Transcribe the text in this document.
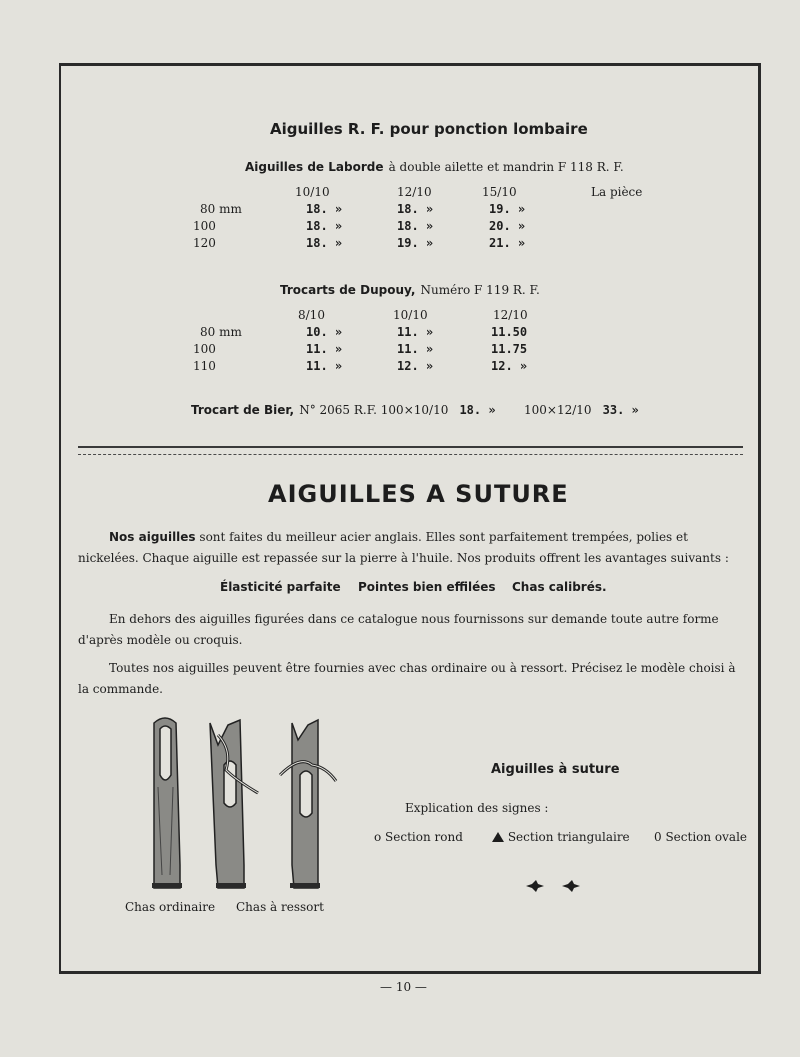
Aiguilles R. F. pour ponction lombaire
Aiguilles de Laborde à double ailette et mandrin F 118 R. F.
10/10	12/10	15/10	La pièce
80 mm	18. »	18. »	19. »
100	18. »	18. »	20. »
120	18. »	19. »	21. »
Trocarts de Dupouy, Numéro F 119 R. F.
8/10	10/10	12/10
80 mm	10. »	11. »	11.50
100	11. »	11. »	11.75
110	11. »	12. »	12. »
Trocart de Bier, N° 2065 R.F. 100×10/10 18. » 100×12/10 33. »
AIGUILLES A SUTURE
Nos aiguilles sont faites du meilleur acier anglais. Elles sont parfaitement trempées, polies et nickelées. Chaque aiguille est repassée sur la pierre à l'huile. Nos produits offrent les avantages suivants :
Élasticité parfaite Pointes bien effilées Chas calibrés.
En dehors des aiguilles figurées dans ce catalogue nous fournissons sur demande toute autre forme d'après modèle ou croquis.
Toutes nos aiguilles peuvent être fournies avec chas ordinaire ou à ressort. Précisez le modèle choisi à la commande.
Chas ordinaire Chas à ressort
Aiguilles à suture
Explication des signes :
o Section rond	Section triangulaire 0 Section ovale
— 10 —
